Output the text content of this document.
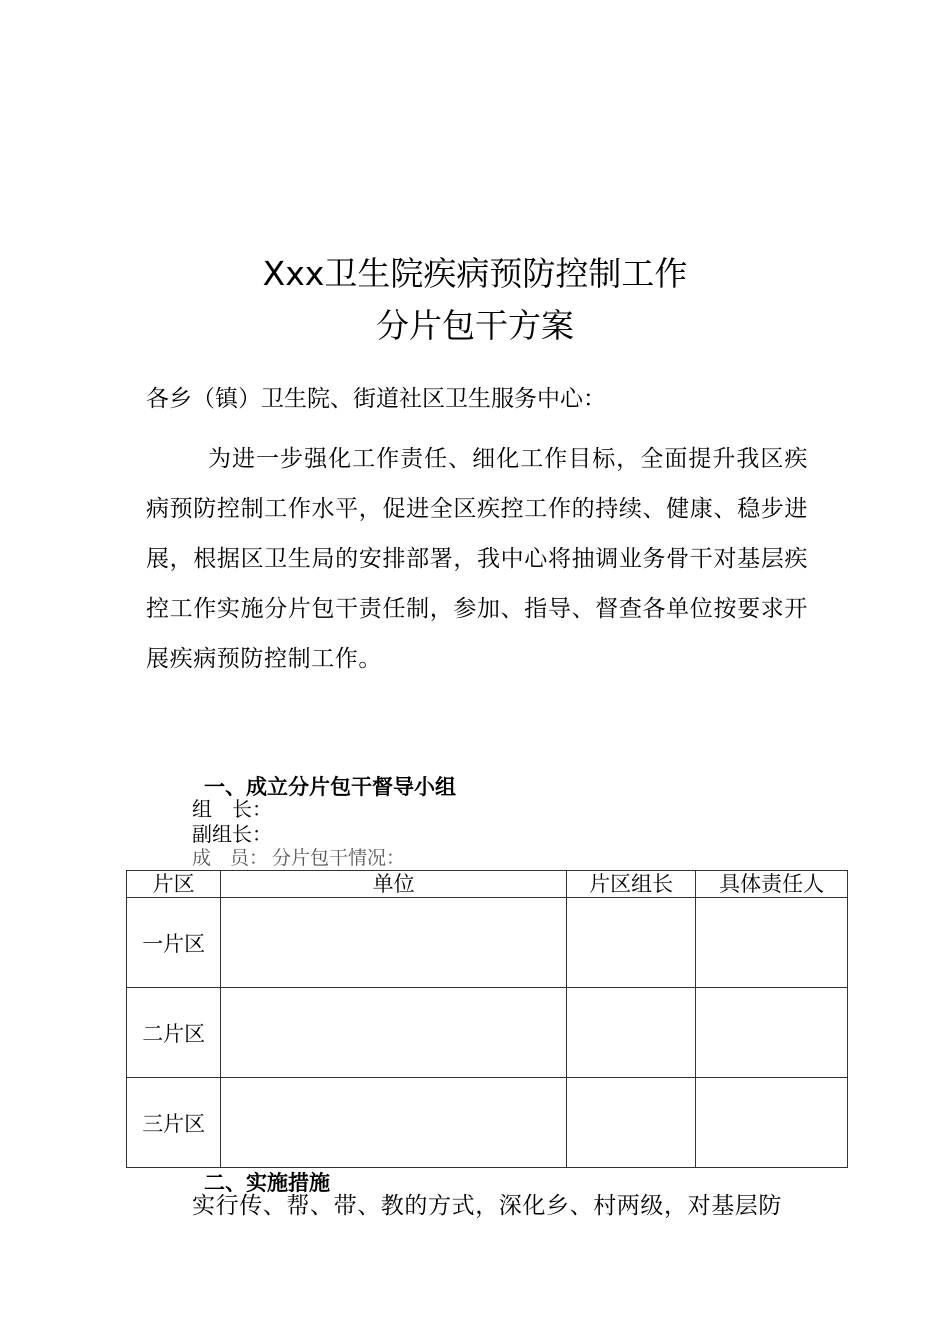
Xxx卫生院疾病预防控制工作
分片包干方案
各乡（镇）卫生院、街道社区卫生服务中心：
为进一步强化工作责任、细化工作目标，全面提升我区疾病预防控制工作水平，促进全区疾控工作的持续、健康、稳步进展，根据区卫生局的安排部署，我中心将抽调业务骨干对基层疾控工作实施分片包干责任制，参加、指导、督查各单位按要求开展疾病预防控制工作。
一、成立分片包干督导小组
组　长：
副组长：
成　员： 分片包干情况：
片区	单位	片区组长	具体责任人
一片区			
二片区			
三片区			
二、实施措施
实行传、帮、带、教的方式，深化乡、村两级，对基层防
